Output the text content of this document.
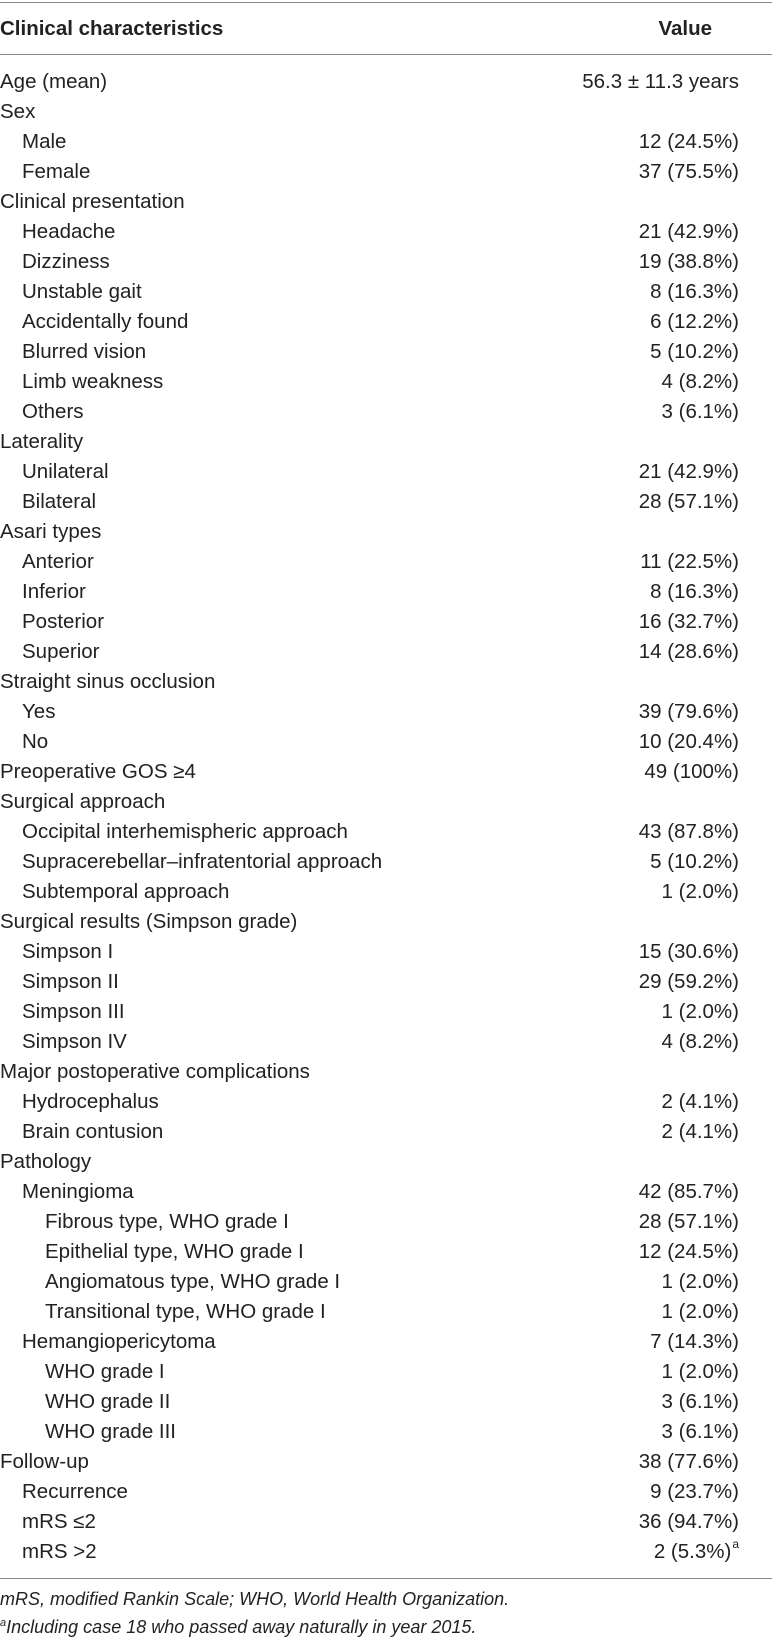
Clinical characteristics	Value
Age (mean)	56.3 ± 11.3 years
Sex
Male	12 (24.5%)
Female	37 (75.5%)
Clinical presentation
Headache	21 (42.9%)
Dizziness	19 (38.8%)
Unstable gait	8 (16.3%)
Accidentally found	6 (12.2%)
Blurred vision	5 (10.2%)
Limb weakness	4 (8.2%)
Others	3 (6.1%)
Laterality
Unilateral	21 (42.9%)
Bilateral	28 (57.1%)
Asari types
Anterior	11 (22.5%)
Inferior	8 (16.3%)
Posterior	16 (32.7%)
Superior	14 (28.6%)
Straight sinus occlusion
Yes	39 (79.6%)
No	10 (20.4%)
Preoperative GOS ≥4	49 (100%)
Surgical approach
Occipital interhemispheric approach	43 (87.8%)
Supracerebellar–infratentorial approach	5 (10.2%)
Subtemporal approach	1 (2.0%)
Surgical results (Simpson grade)
Simpson I	15 (30.6%)
Simpson II	29 (59.2%)
Simpson III	1 (2.0%)
Simpson IV	4 (8.2%)
Major postoperative complications
Hydrocephalus	2 (4.1%)
Brain contusion	2 (4.1%)
Pathology
Meningioma	42 (85.7%)
Fibrous type, WHO grade I	28 (57.1%)
Epithelial type, WHO grade I	12 (24.5%)
Angiomatous type, WHO grade I	1 (2.0%)
Transitional type, WHO grade I	1 (2.0%)
Hemangiopericytoma	7 (14.3%)
WHO grade I	1 (2.0%)
WHO grade II	3 (6.1%)
WHO grade III	3 (6.1%)
Follow-up	38 (77.6%)
Recurrence	9 (23.7%)
mRS ≤2	36 (94.7%)
mRS >2	2 $(5.3\%)^a$
mRS, modified Rankin Scale; WHO, World Health Organization.
$^a$Including case 18 who passed away naturally in year 2015.
